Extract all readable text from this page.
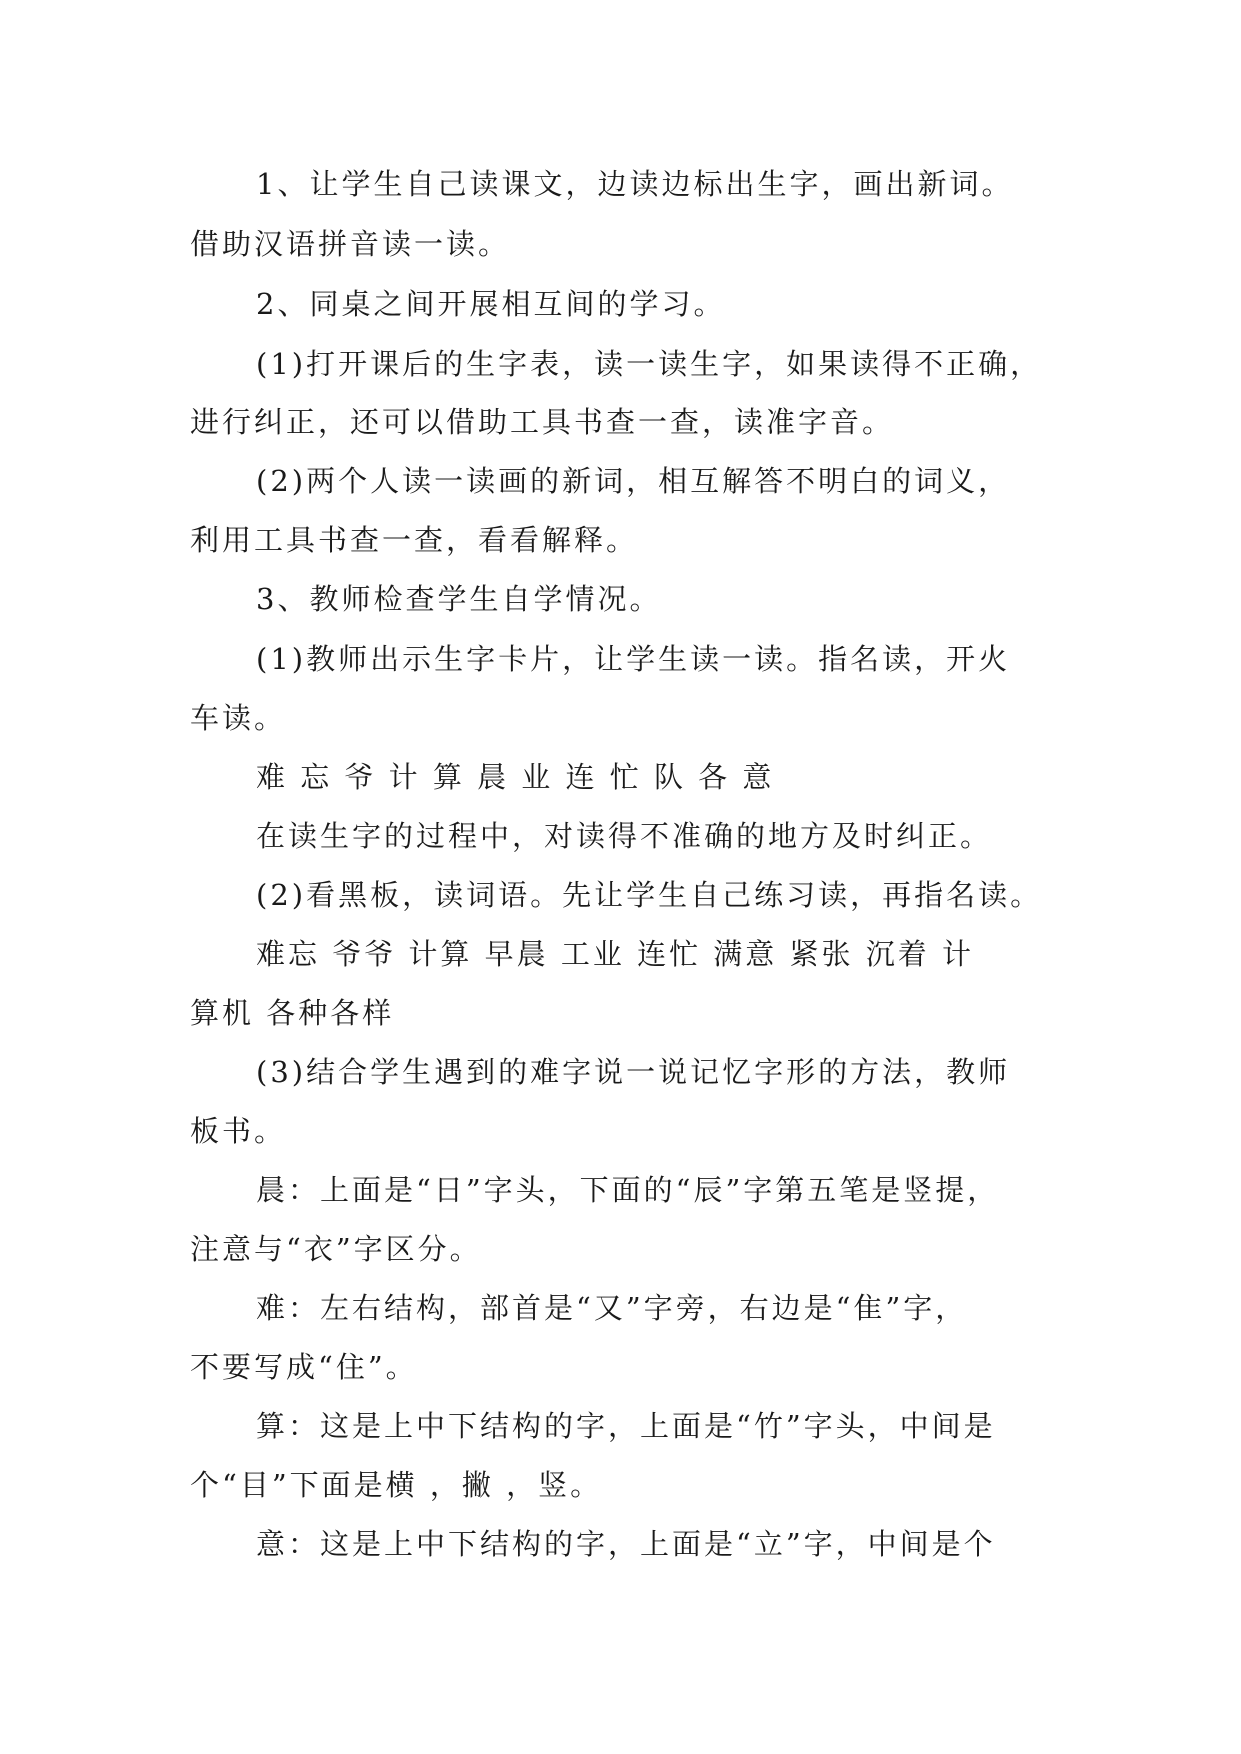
1、让学生自己读课文，边读边标出生字，画出新词。
借助汉语拼音读一读。
2、同桌之间开展相互间的学习。
(1)打开课后的生字表，读一读生字，如果读得不正确，
进行纠正，还可以借助工具书查一查，读准字音。
(2)两个人读一读画的新词，相互解答不明白的词义，
利用工具书查一查，看看解释。
3、教师检查学生自学情况。
(1)教师出示生字卡片，让学生读一读。指名读，开火
车读。
难 忘 爷 计 算 晨 业 连 忙 队 各 意
在读生字的过程中，对读得不准确的地方及时纠正。
(2)看黑板，读词语。先让学生自己练习读，再指名读。
难忘 爷爷 计算 早晨 工业 连忙 满意 紧张 沉着 计
算机 各种各样
(3)结合学生遇到的难字说一说记忆字形的方法，教师
板书。
晨：上面是“日”字头，下面的“辰”字第五笔是竖提，
注意与“衣”字区分。
难：左右结构，部首是“又”字旁，右边是“隹”字，
不要写成“住”。
算：这是上中下结构的字，上面是“竹”字头，中间是
个“目”下面是横 ，撇 ，竖。
意：这是上中下结构的字，上面是“立”字，中间是个
